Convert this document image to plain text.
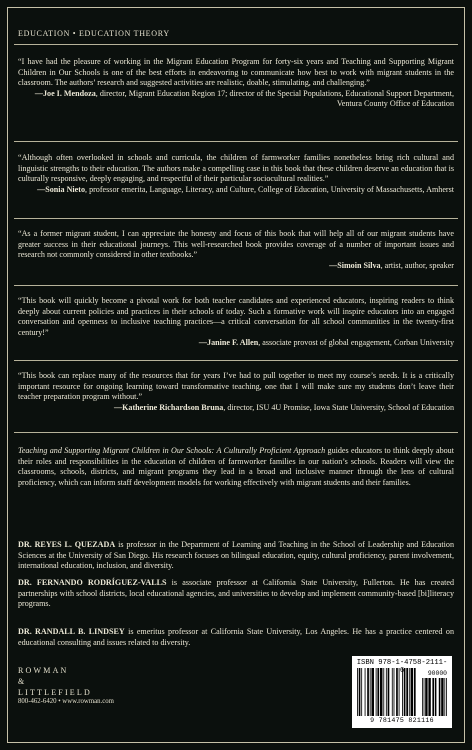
EDUCATION • EDUCATION THEORY
“I have had the pleasure of working in the Migrant Education Program for forty-six years and Teaching and Supporting Migrant Children in Our Schools is one of the best efforts in endeavoring to communicate how best to work with migrant students in the classroom. The authors’ research and suggested activities are realistic, doable, stimulating, and challenging.”
—Joe I. Mendoza, director, Migrant Education Region 17; director of the Special Populations, Educational Support Department, Ventura County Office of Education
“Although often overlooked in schools and curricula, the children of farmworker families nonetheless bring rich cultural and linguistic strengths to their education. The authors make a compelling case in this book that these children deserve an education that is culturally responsive, deeply engaging, and respectful of their particular sociocultural realities.”
—Sonia Nieto, professor emerita, Language, Literacy, and Culture, College of Education, University of Massachusetts, Amherst
“As a former migrant student, I can appreciate the honesty and focus of this book that will help all of our migrant students have greater success in their educational journeys. This well-researched book provides coverage of a number of important issues and research not commonly considered in other textbooks.”
—Simoin Silva, artist, author, speaker
“This book will quickly become a pivotal work for both teacher candidates and experienced educators, inspiring readers to think deeply about current policies and practices in their schools of today. Such a formative work will inspire educators into an engaged conversation and openness to inclusive teaching practices—a critical conversation for all school communities in the twenty-first century!”
—Janine F. Allen, associate provost of global engagement, Corban University
“This book can replace many of the resources that for years I’ve had to pull together to meet my course’s needs. It is a critically important resource for ongoing learning toward transformative teaching, one that I will make sure my students don’t leave their teacher preparation program without.”
—Katherine Richardson Bruna, director, ISU 4U Promise, Iowa State University, School of Education
Teaching and Supporting Migrant Children in Our Schools: A Culturally Proficient Approach guides educators to think deeply about their roles and responsibilities in the education of children of farmworker families in our nation’s schools. Readers will view the classrooms, schools, districts, and migrant programs they lead in a broad and inclusive manner through the lens of cultural proficiency, which can inform staff development models for working effectively with migrant students and their families.
DR. REYES L. QUEZADA is professor in the Department of Learning and Teaching in the School of Leadership and Education Sciences at the University of San Diego. His research focuses on bilingual education, equity, cultural proficiency, parent involvement, international education, inclusion, and diversity.
DR. FERNANDO RODRÍGUEZ-VALLS is associate professor at California State University, Fullerton. He has created partnerships with school districts, local educational agencies, and universities to develop and implement community-based [bi]literacy programs.
DR. RANDALL B. LINDSEY is emeritus professor at California State University, Los Angeles. He has a practice centered on educational consulting and issues related to diversity.
ROWMAN
&
LITTLEFIELD
800-462-6420 • www.rowman.com
ISBN 978-1-4758-2111-6	90000
9 781475 821116
